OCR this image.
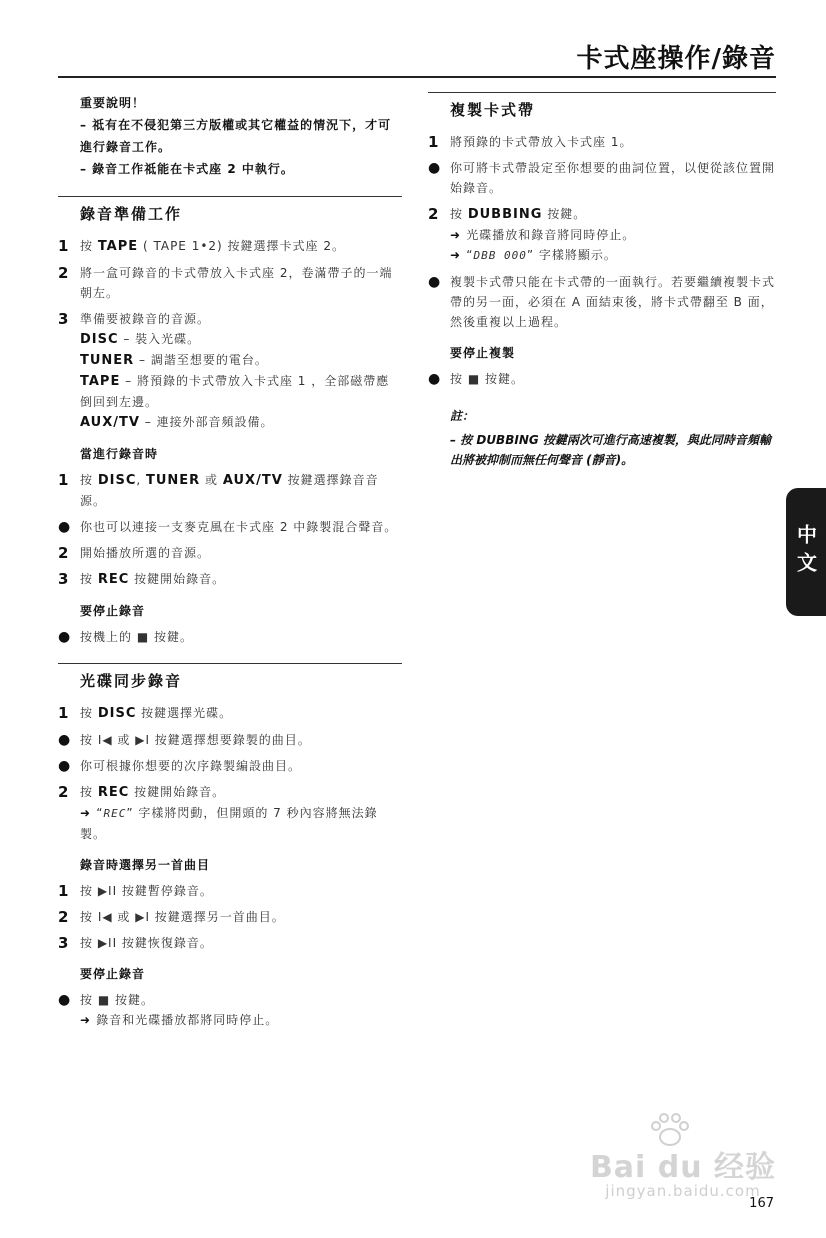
卡式座操作/錄音
重要說明！
– 祗有在不侵犯第三方版權或其它權益的情況下，才可進行錄音工作。
– 錄音工作祗能在卡式座 2 中執行。
錄音準備工作
1 按 TAPE ( TAPE 1•2) 按鍵選擇卡式座 2。
2 將一盒可錄音的卡式帶放入卡式座 2，卷滿帶子的一端朝左。
3 準備要被錄音的音源。
DISC – 裝入光碟。
TUNER – 調諧至想要的電台。
TAPE – 將預錄的卡式帶放入卡式座 1 ，全部磁帶應倒回到左邊。
AUX/TV – 連接外部音頻設備。
當進行錄音時
1 按 DISC, TUNER 或 AUX/TV 按鍵選擇錄音音源。
● 你也可以連接一支麥克風在卡式座 2 中錄製混合聲音。
2 開始播放所選的音源。
3 按 REC 按鍵開始錄音。
要停止錄音
● 按機上的 ■ 按鍵。
光碟同步錄音
1 按 DISC 按鍵選擇光碟。
● 按 I◀ 或 ▶I 按鍵選擇想要錄製的曲目。
● 你可根據你想要的次序錄製編設曲目。
2 按 REC 按鍵開始錄音。
➜ “REC” 字樣將閃動，但開頭的 7 秒內容將無法錄製。
錄音時選擇另一首曲目
1 按 ▶II 按鍵暫停錄音。
2 按 I◀ 或 ▶I 按鍵選擇另一首曲目。
3 按 ▶II 按鍵恢復錄音。
要停止錄音
● 按 ■ 按鍵。
➜ 錄音和光碟播放都將同時停止。
複製卡式帶
1 將預錄的卡式帶放入卡式座 1。
● 你可將卡式帶設定至你想要的曲詞位置，以便從該位置開始錄音。
2 按 DUBBING 按鍵。
➜ 光碟播放和錄音將同時停止。
➜ “DBB 000” 字樣將顯示。
● 複製卡式帶只能在卡式帶的一面執行。若要繼續複製卡式帶的另一面，必須在 A 面結束後，將卡式帶翻至 B 面，然後重複以上過程。
要停止複製
● 按 ■ 按鍵。
註：
– 按 DUBBING 按鍵兩次可進行高速複製，與此同時音頻輸出將被抑制而無任何聲音 (靜音)。
中文
Bai du 经验
jingyan.baidu.com
167
